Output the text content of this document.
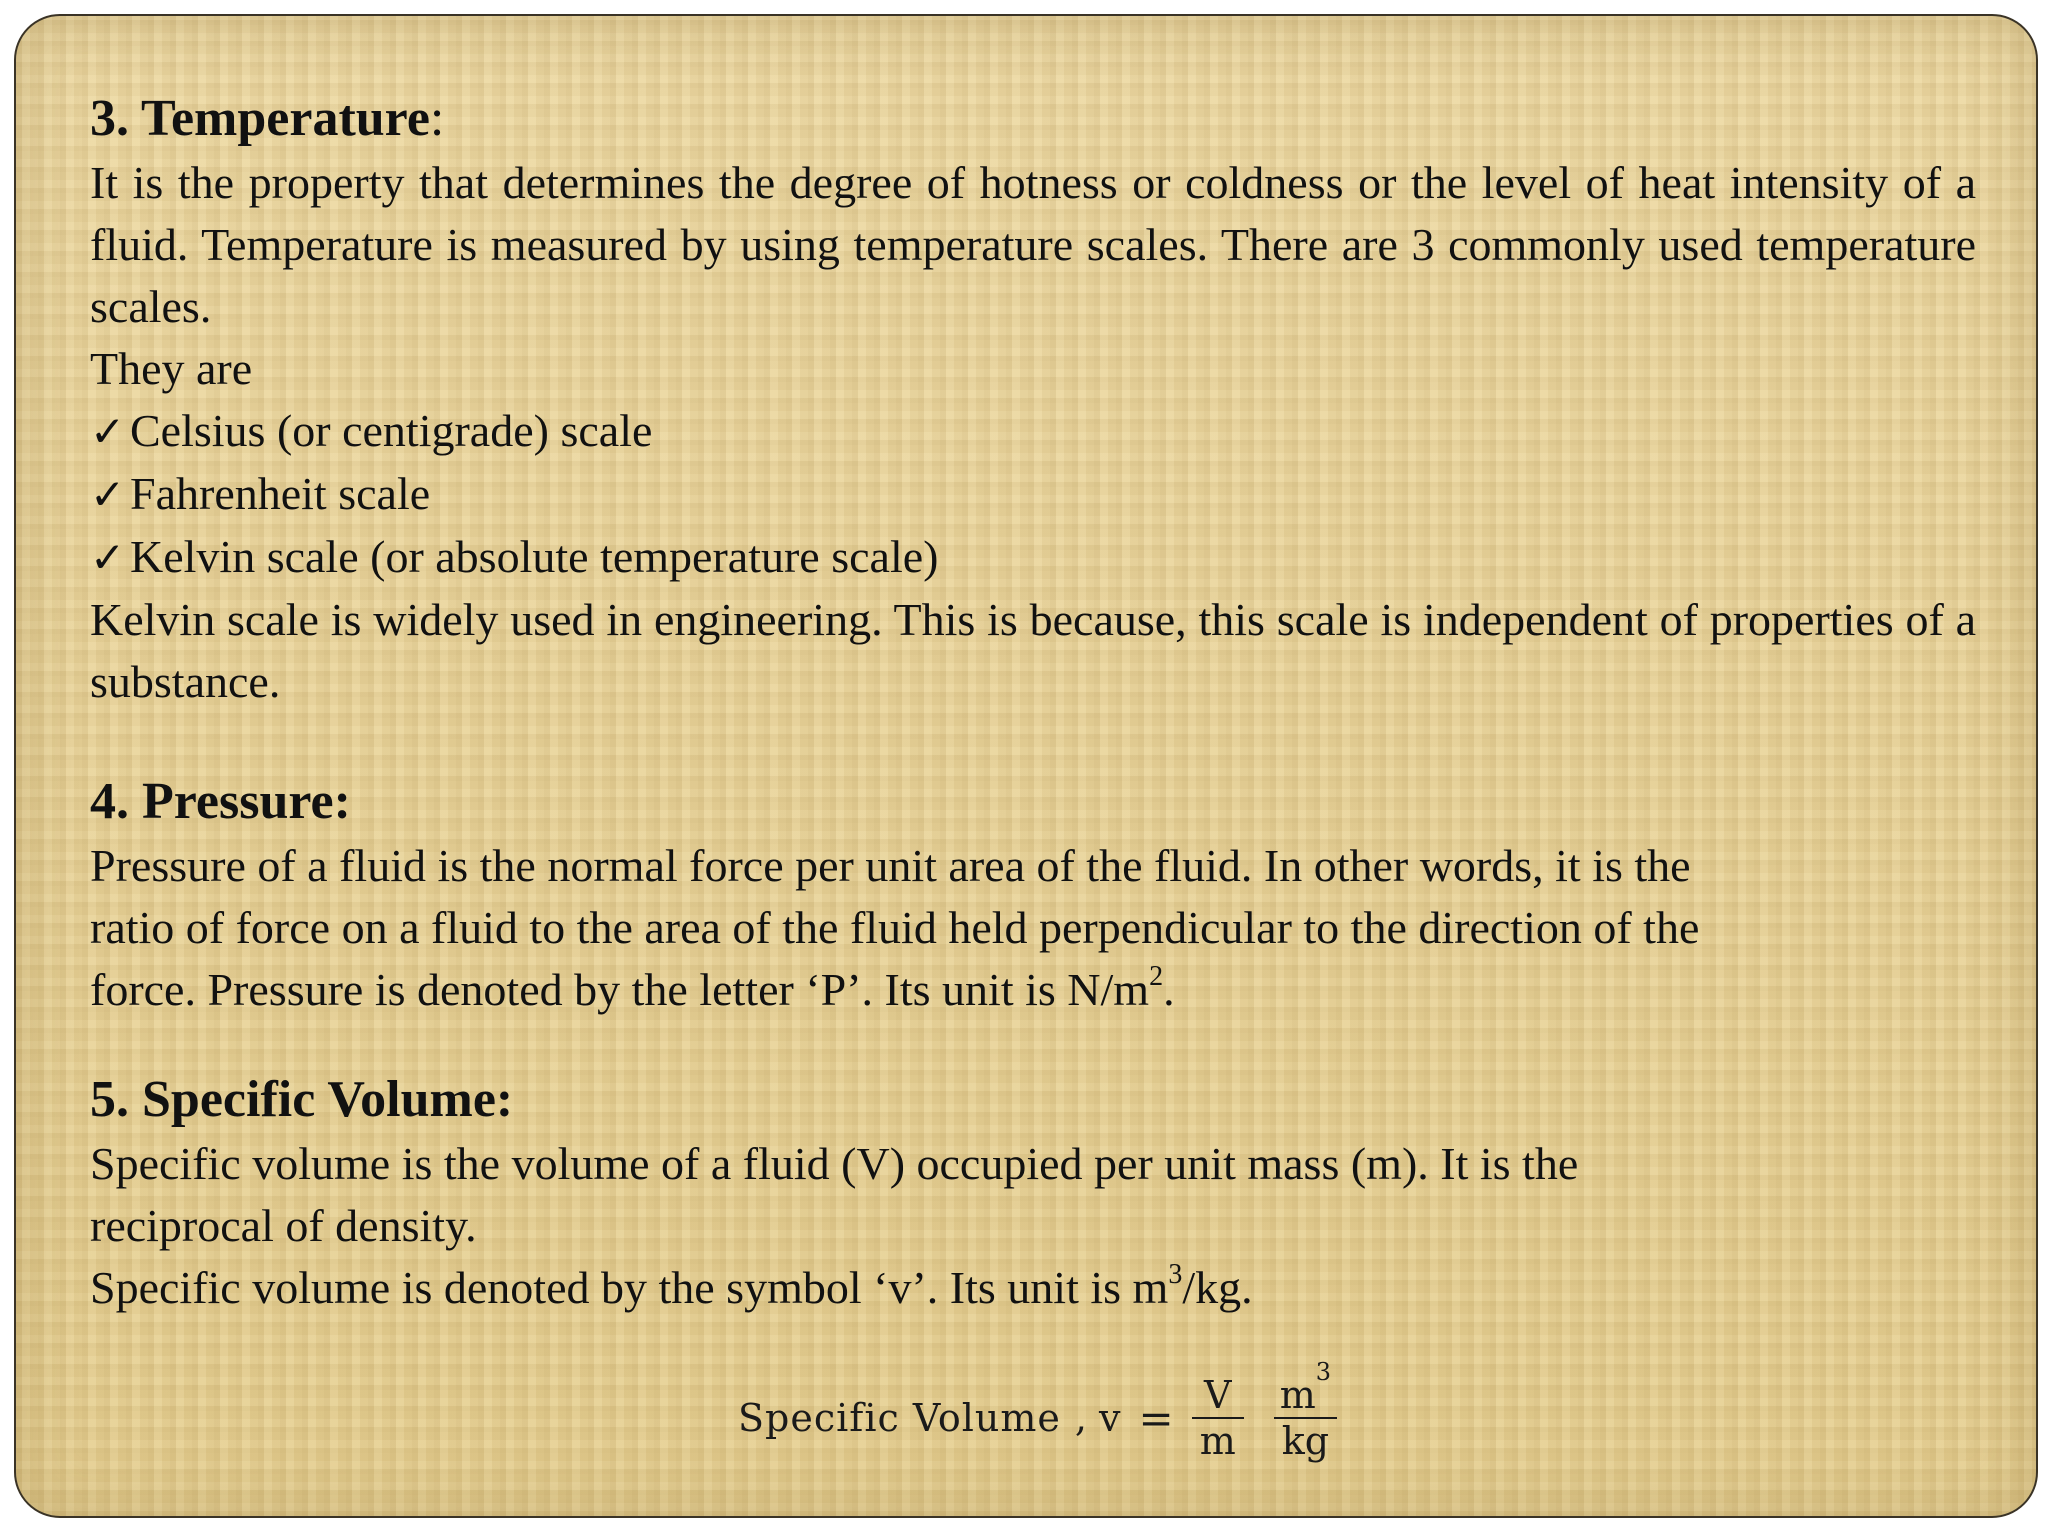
3. Temperature:

It is the property that determines the degree of hotness or coldness or the level of heat intensity of a fluid. Temperature is measured by using temperature scales. There are 3 commonly used temperature scales.

They are

✓ Celsius (or centigrade) scale

✓ Fahrenheit scale

✓ Kelvin scale (or absolute temperature scale)

Kelvin scale is widely used in engineering. This is because, this scale is independent of properties of a substance.

4. Pressure:

Pressure of a fluid is the normal force per unit area of the fluid. In other words, it is the

ratio of force on a fluid to the area of the fluid held perpendicular to the direction of the

force. Pressure is denoted by the letter ‘P’. Its unit is $N/m^2$.

5. Specific Volume:

Specific volume is the volume of a fluid (V) occupied per unit mass (m). It is the

reciprocal of density.

Specific volume is denoted by the symbol ‘v’. Its unit is $m^3/kg$.

Specific Volume , $v = \frac{V}{m} \frac{m^3}{kg}$
